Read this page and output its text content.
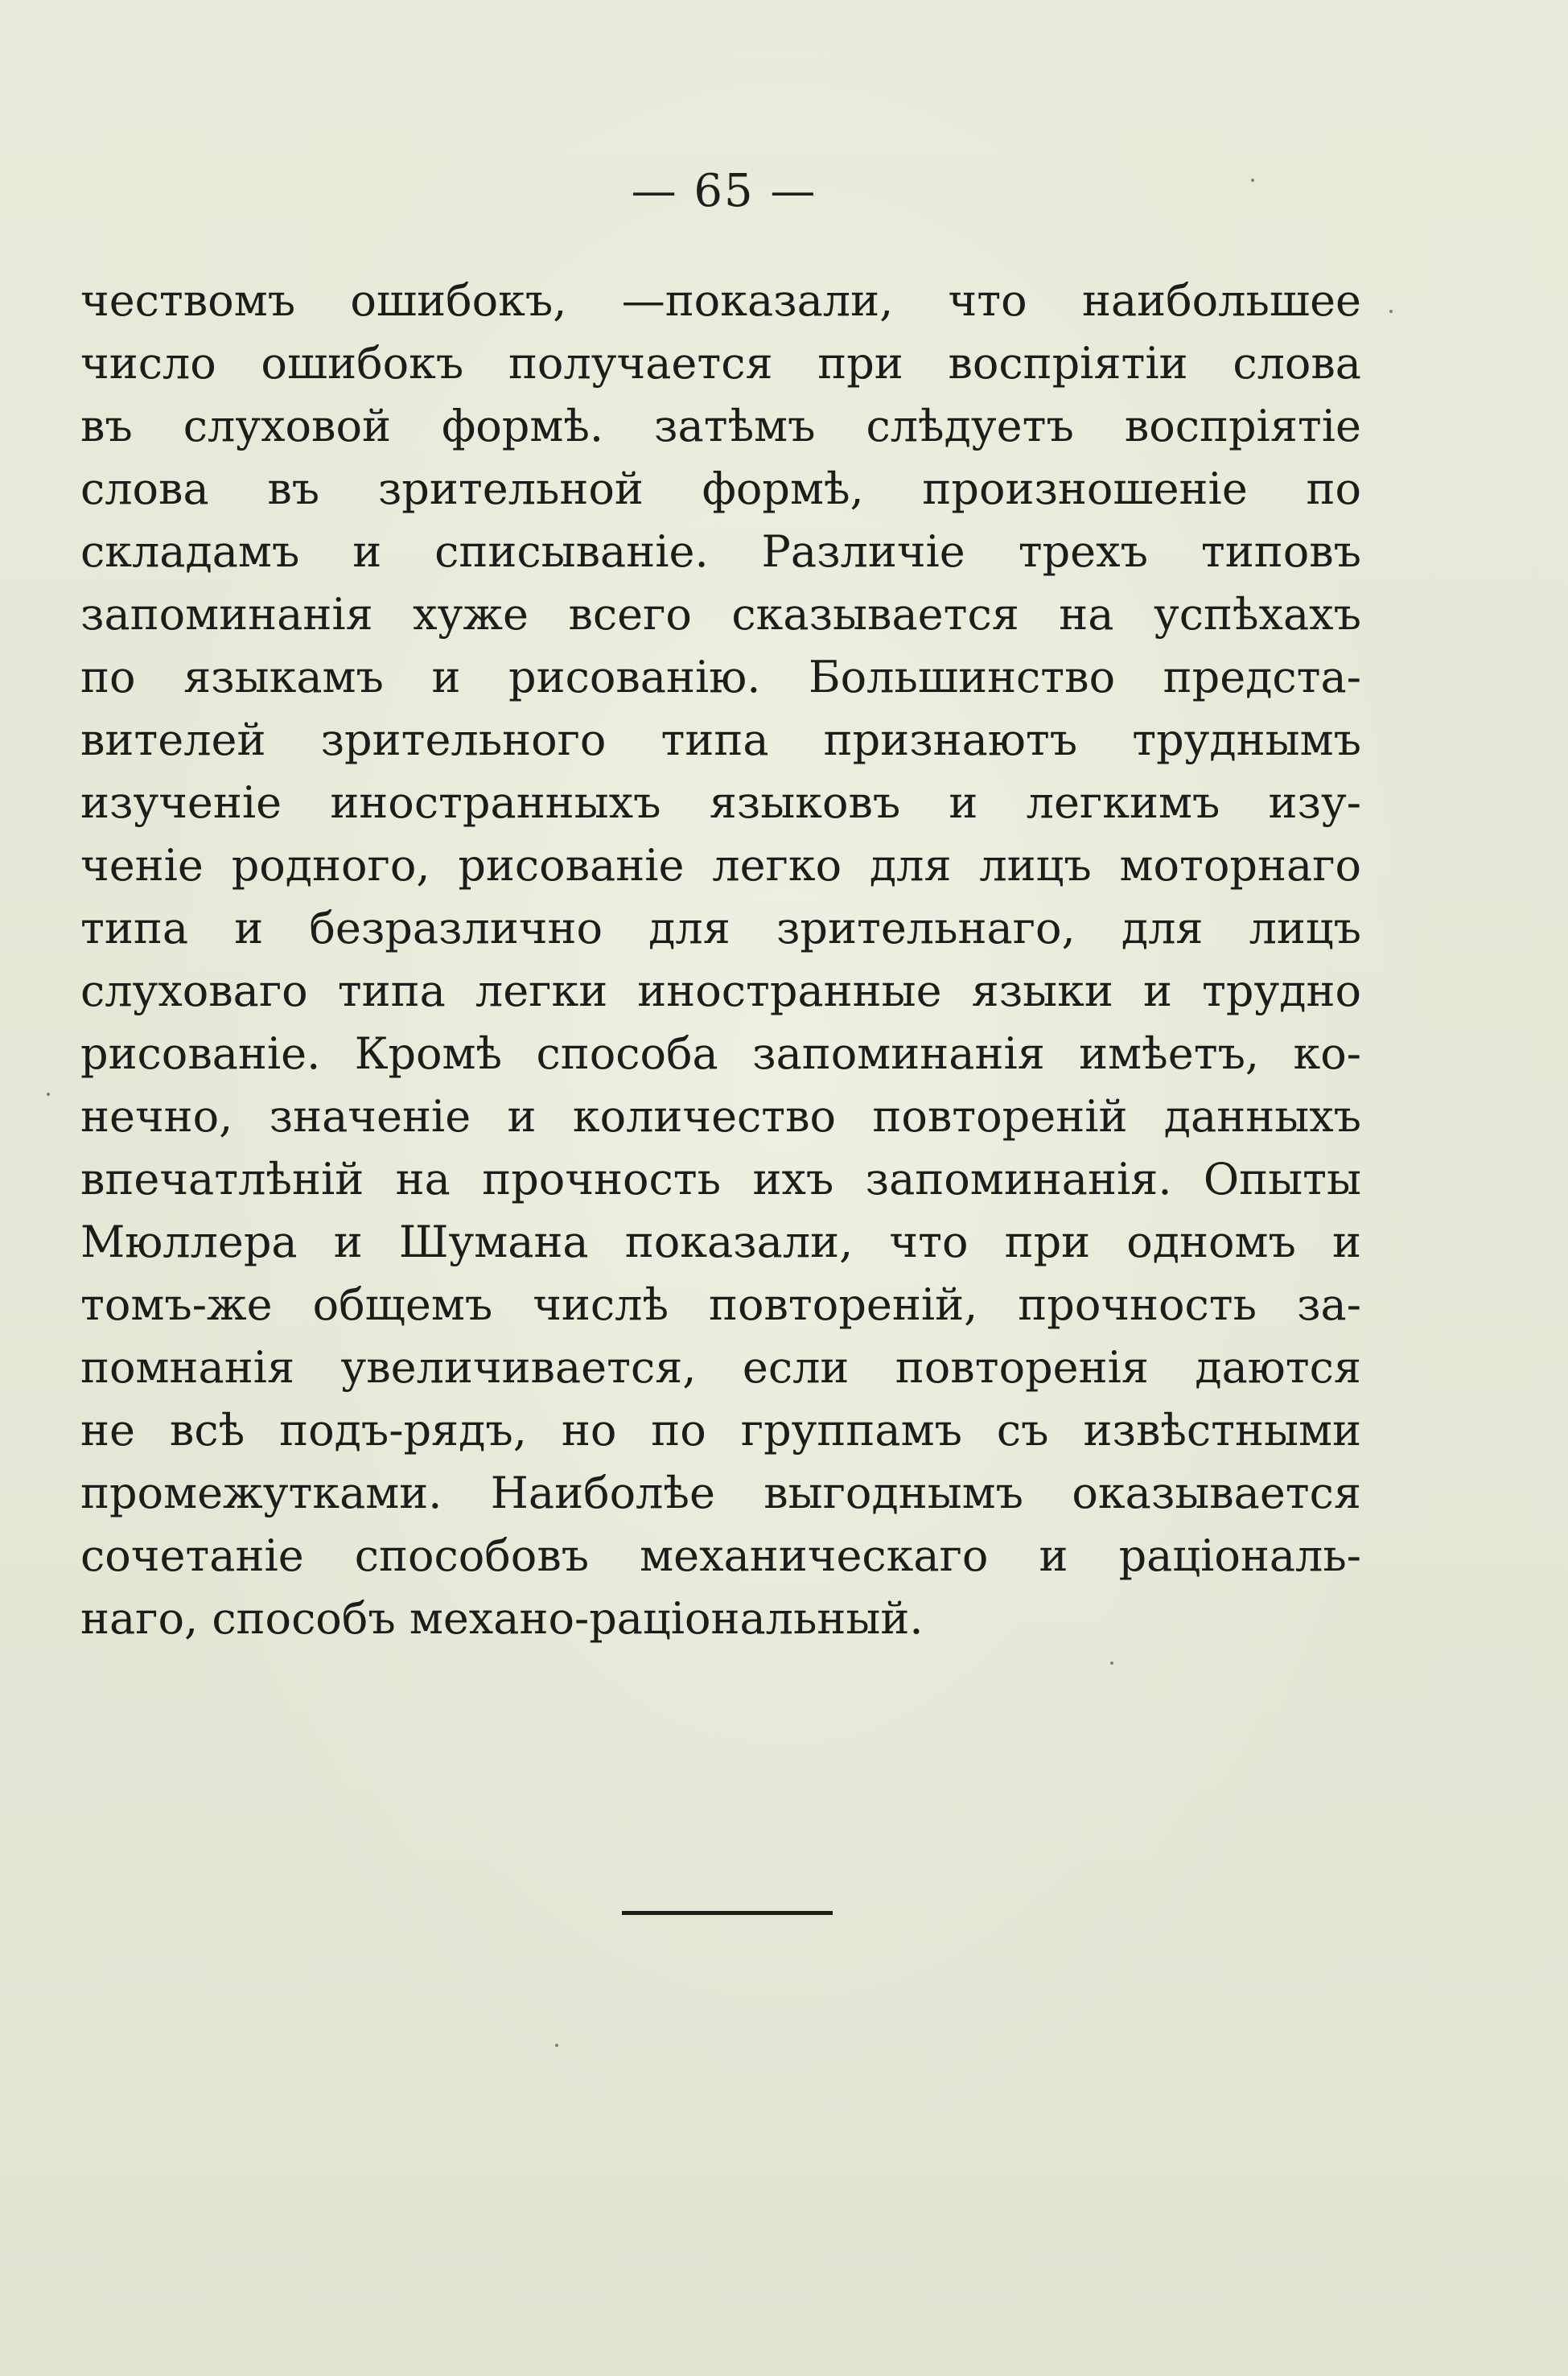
— 65 —
чествомъ ошибокъ, —показали, что наибольшее
число ошибокъ получается при воспріятіи слова
въ слуховой формѣ. затѣмъ слѣдуетъ воспріятіе
слова въ зрительной формѣ, произношеніе по
складамъ и списываніе. Различіе трехъ типовъ
запоминанія хуже всего сказывается на успѣхахъ
по языкамъ и рисованію. Большинство предста-
вителей зрительного типа признаютъ труднымъ
изученіе иностранныхъ языковъ и легкимъ изу-
ченіе родного, рисованіе легко для лицъ моторнаго
типа и безразлично для зрительнаго, для лицъ
слуховаго типа легки иностранные языки и трудно
рисованіе. Кромѣ способа запоминанія имѣетъ, ко-
нечно, значеніе и количество повтореній данныхъ
впечатлѣній на прочность ихъ запоминанія. Опыты
Мюллера и Шумана показали, что при одномъ и
томъ-же общемъ числѣ повтореній, прочность за-
помнанія увеличивается, если повторенія даются
не всѣ подъ-рядъ, но по группамъ съ извѣстными
промежутками. Наиболѣе выгоднымъ оказывается
сочетаніе способовъ механическаго и раціональ-
наго, способъ механо-раціональный.
